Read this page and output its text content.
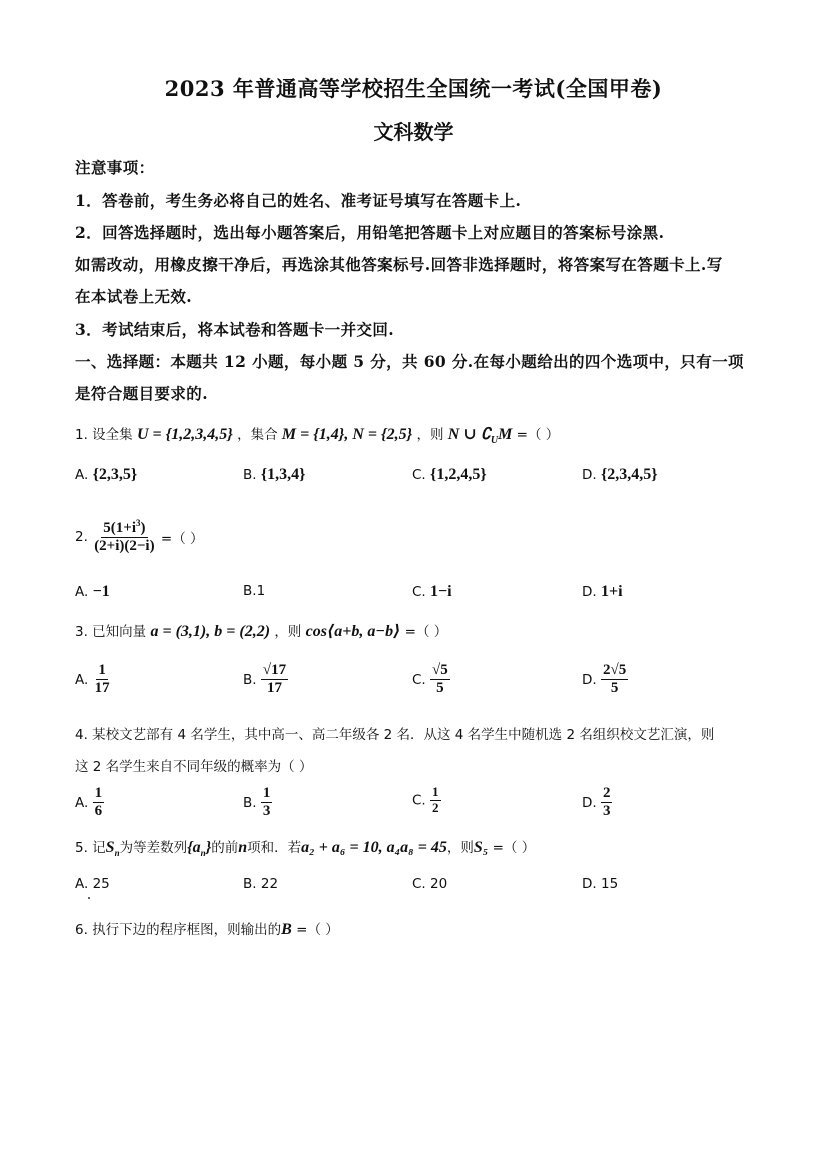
2023 年普通高等学校招生全国统一考试(全国甲卷)
文科数学
注意事项：
1．答卷前，考生务必将自己的姓名、准考证号填写在答题卡上.
2．回答选择题时，选出每小题答案后，用铅笔把答题卡上对应题目的答案标号涂黑.
如需改动，用橡皮擦干净后，再选涂其他答案标号.回答非选择题时，将答案写在答题卡上.写
在本试卷上无效.
3．考试结束后，将本试卷和答题卡一并交回.
一、选择题：本题共 12 小题，每小题 5 分，共 60 分.在每小题给出的四个选项中，只有一项
是符合题目要求的.
1. 设全集 U = {1,2,3,4,5} ，集合 M = {1,4}, N = {2,5} ，则 N ∪ $∁_UM$ =（ ）
A. {2,3,5}	B. {1,3,4}	C. {1,2,4,5}	D. {2,3,4,5}
2. $\frac{5(1+i^3)}{(2+i)(2-i)}$ =（ ）
A. −1	B.1	C. 1−i	D. 1+i
3. 已知向量 a = (3,1), b = (2,2) ，则 cos⟨a+b, a−b⟩ =（ ）
A. $\frac{1}{17}$	B. $\frac{√17}{17}$	C. $\frac{√5}{5}$	D. $\frac{2√5}{5}$
4. 某校文艺部有 4 名学生，其中高一、高二年级各 2 名．从这 4 名学生中随机选 2 名组织校文艺汇演，则
这 2 名学生来自不同年级的概率为（ ）
A. $\frac{1}{6}$	B. $\frac{1}{3}$	C. $\frac{1}{2}$	D. $\frac{2}{3}$
5. 记$S_n$为等差数列$\{a_n\}$的前n项和．若a₂ + a₆ = 10, a₄a₈ = 45，则S₅ =（ ）
A. 25	B. 22	C. 20	D. 15
6. 执行下边的程序框图，则输出的B =（ ）
